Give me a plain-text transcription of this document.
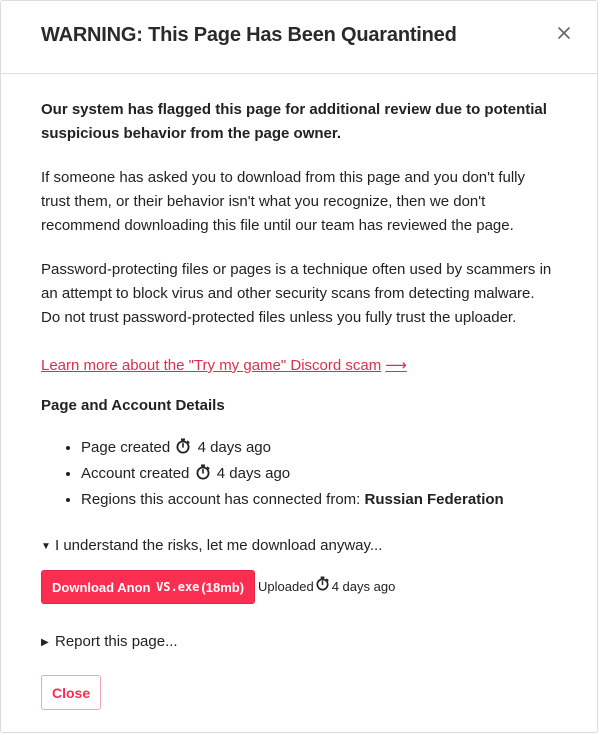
WARNING: This Page Has Been Quarantined

Our system has flagged this page for additional review due to potential suspicious behavior from the page owner.

If someone has asked you to download from this page and you don't fully trust them, or their behavior isn't what you recognize, then we don't recommend downloading this file until our team has reviewed the page.

Password-protecting files or pages is a technique often used by scammers in an attempt to block virus and other security scans from detecting malware. Do not trust password-protected files unless you fully trust the uploader.

Learn more about the "Try my game" Discord scam ⟶
Page and Account Details
• Page created 4 days ago
• Account created 4 days ago
• Regions this account has connected from: Russian Federation
▼ I understand the risks, let me download anyway...
Download Anon VS.exe (18mb) Uploaded 4 days ago
▶ Report this page...
Close
